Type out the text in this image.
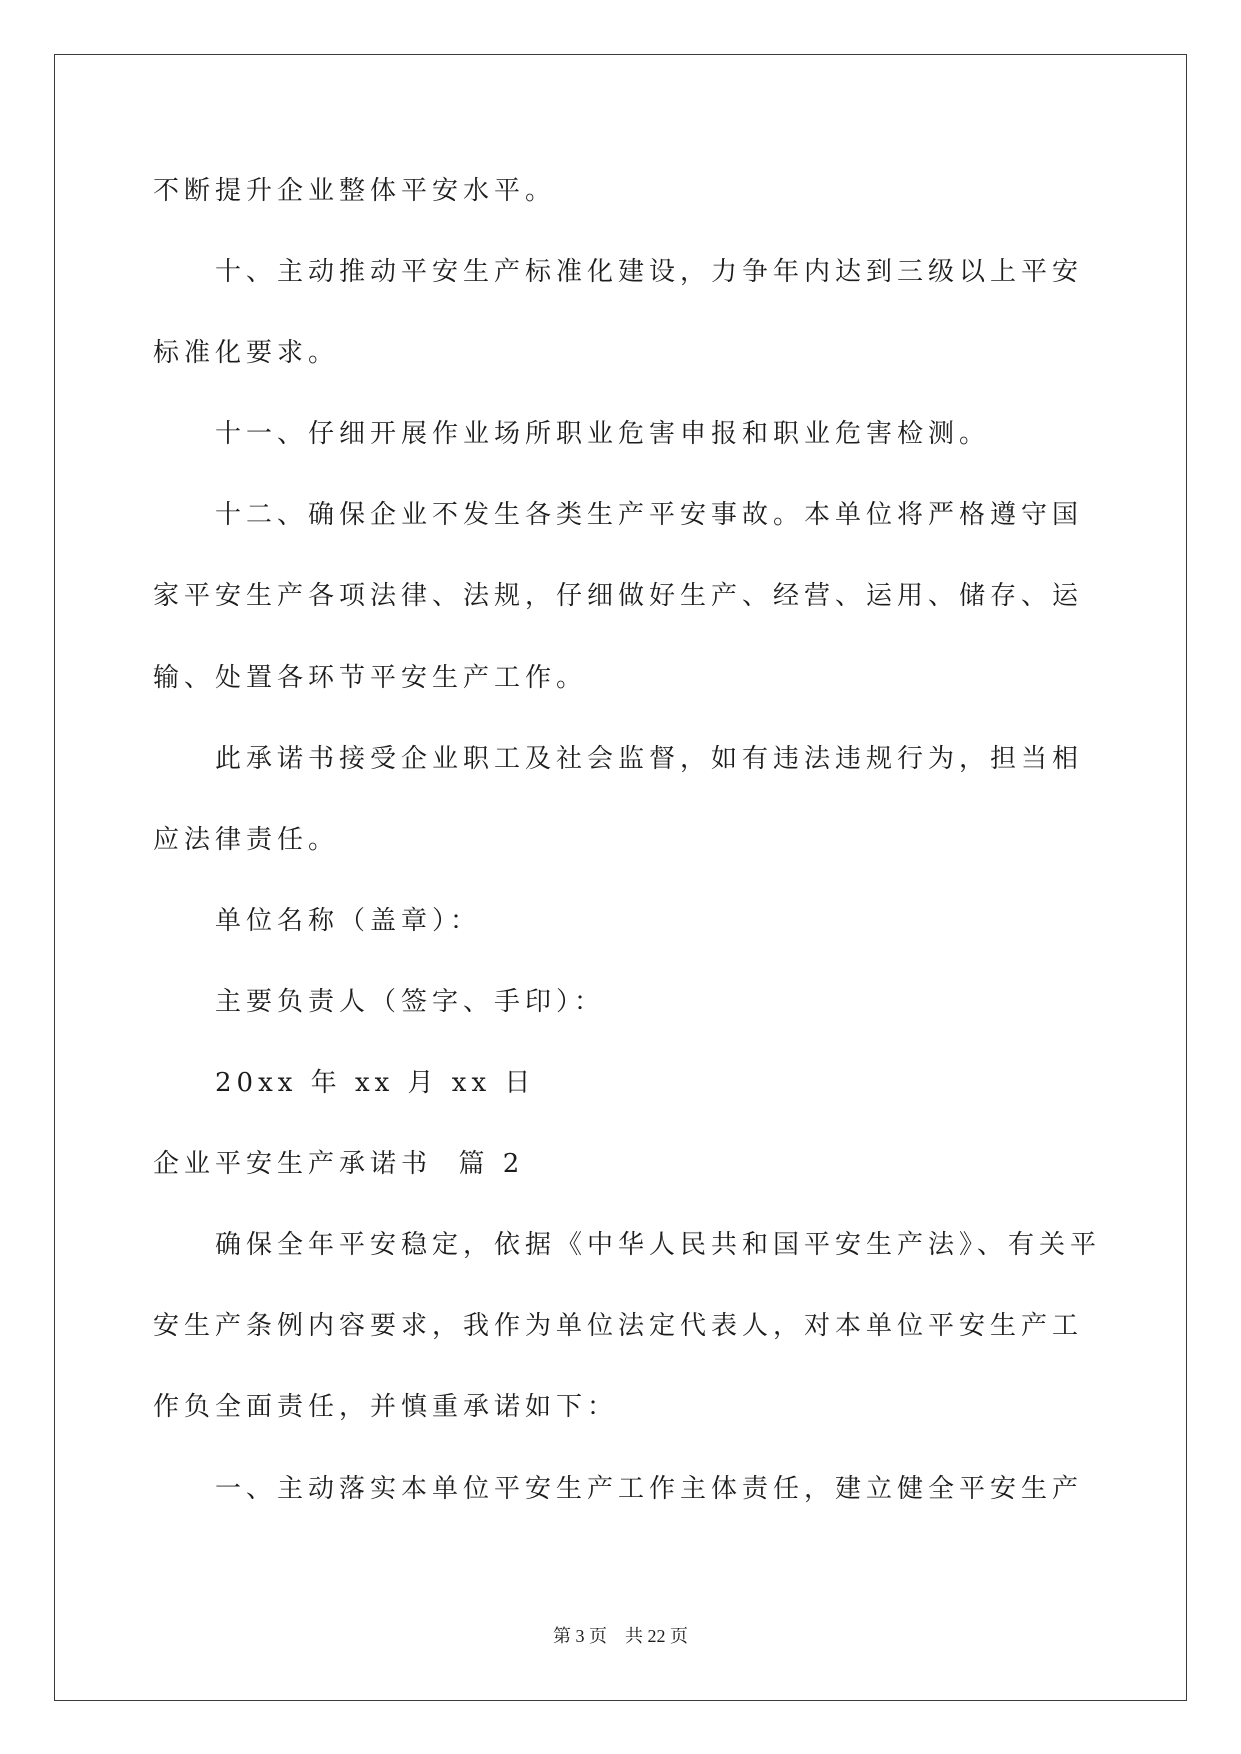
不断提升企业整体平安水平。
十、主动推动平安生产标准化建设，力争年内达到三级以上平安
标准化要求。
十一、仔细开展作业场所职业危害申报和职业危害检测。
十二、确保企业不发生各类生产平安事故。本单位将严格遵守国
家平安生产各项法律、法规，仔细做好生产、经营、运用、储存、运
输、处置各环节平安生产工作。
此承诺书接受企业职工及社会监督，如有违法违规行为，担当相
应法律责任。
单位名称（盖章）：
主要负责人（签字、手印）：
20xx 年 xx 月 xx 日
企业平安生产承诺书  篇 2
确保全年平安稳定，依据《中华人民共和国平安生产法》、有关平
安生产条例内容要求，我作为单位法定代表人，对本单位平安生产工
作负全面责任，并慎重承诺如下：
一、主动落实本单位平安生产工作主体责任，建立健全平安生产
第 3 页　共 22 页
